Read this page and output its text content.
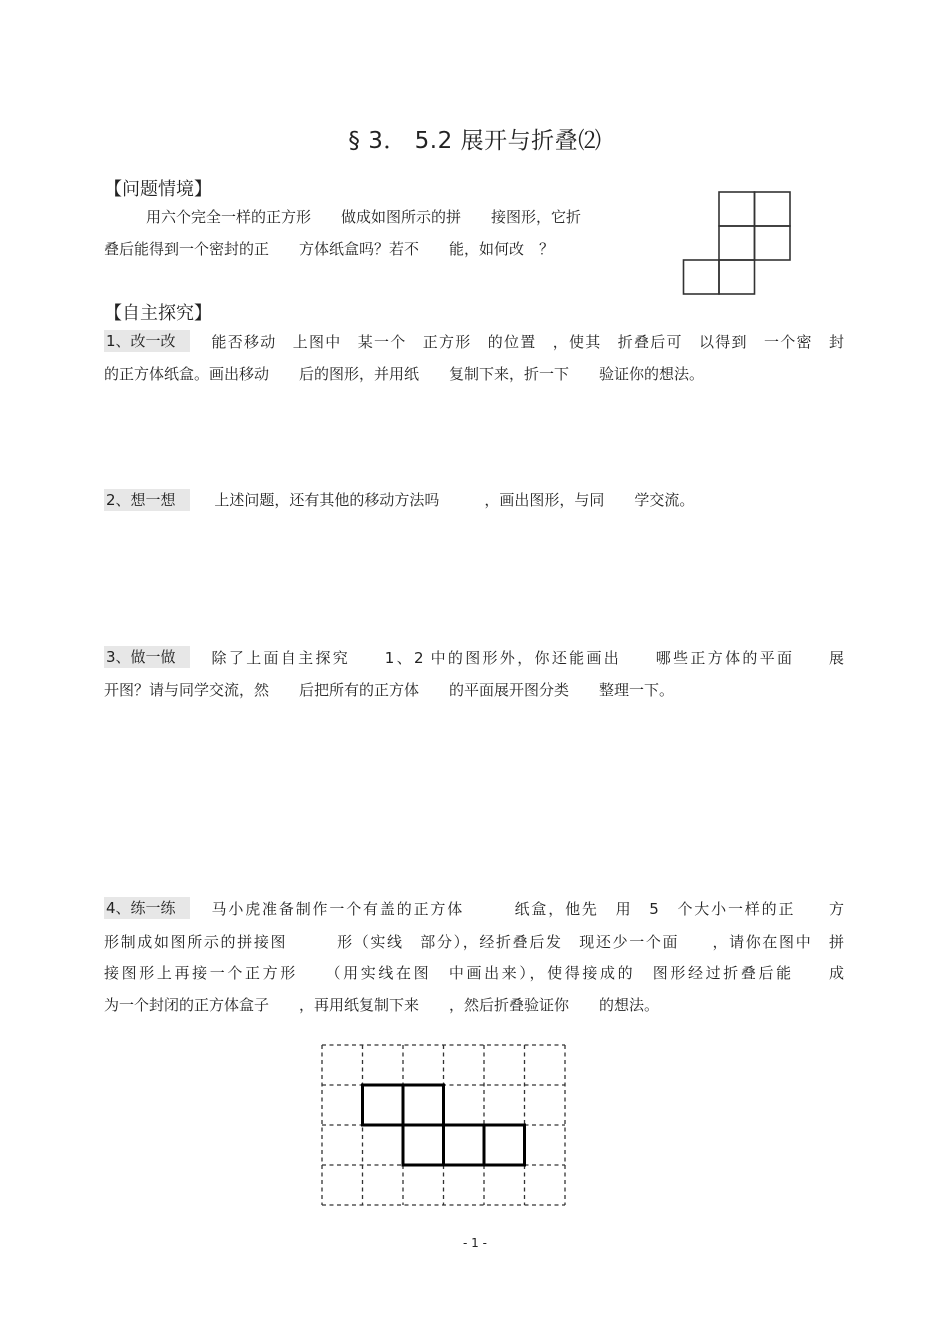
§ 3． 5.2 展开与折叠⑵
【问题情境】
用六个完全一样的正方形　　做成如图所示的拼　　接图形，它折
叠后能得到一个密封的正　　方体纸盒吗？若不　　能，如何改　？
【自主探究】
1、改一改	能否移动　上图中　某一个　正方形　的位置　，使其　折叠后可　以得到　一个密　封
的正方体纸盒。画出移动　　后的图形，并用纸　　复制下来，折一下　　验证你的想法。
2、想一想	上述问题，还有其他的移动方法吗　　　，画出图形，与同　　学交流。
3、做一做	除了上面自主探究　　1、2 中的图形外，你还能画出　　哪些正方体的平面　　展
开图？请与同学交流，然　　后把所有的正方体　　的平面展开图分类　　整理一下。
4、练一练	马小虎准备制作一个有盖的正方体　　　纸盒，他先　用　5　个大小一样的正　　方
形制成如图所示的拼接图　　　形（实线　部分），经折叠后发　现还少一个面　　，请你在图中　拼
接图形上再接一个正方形　　（用实线在图　中画出来），使得接成的　图形经过折叠后能　　成
为一个封闭的正方体盒子　　，再用纸复制下来　　，然后折叠验证你　　的想法。
- 1 -
